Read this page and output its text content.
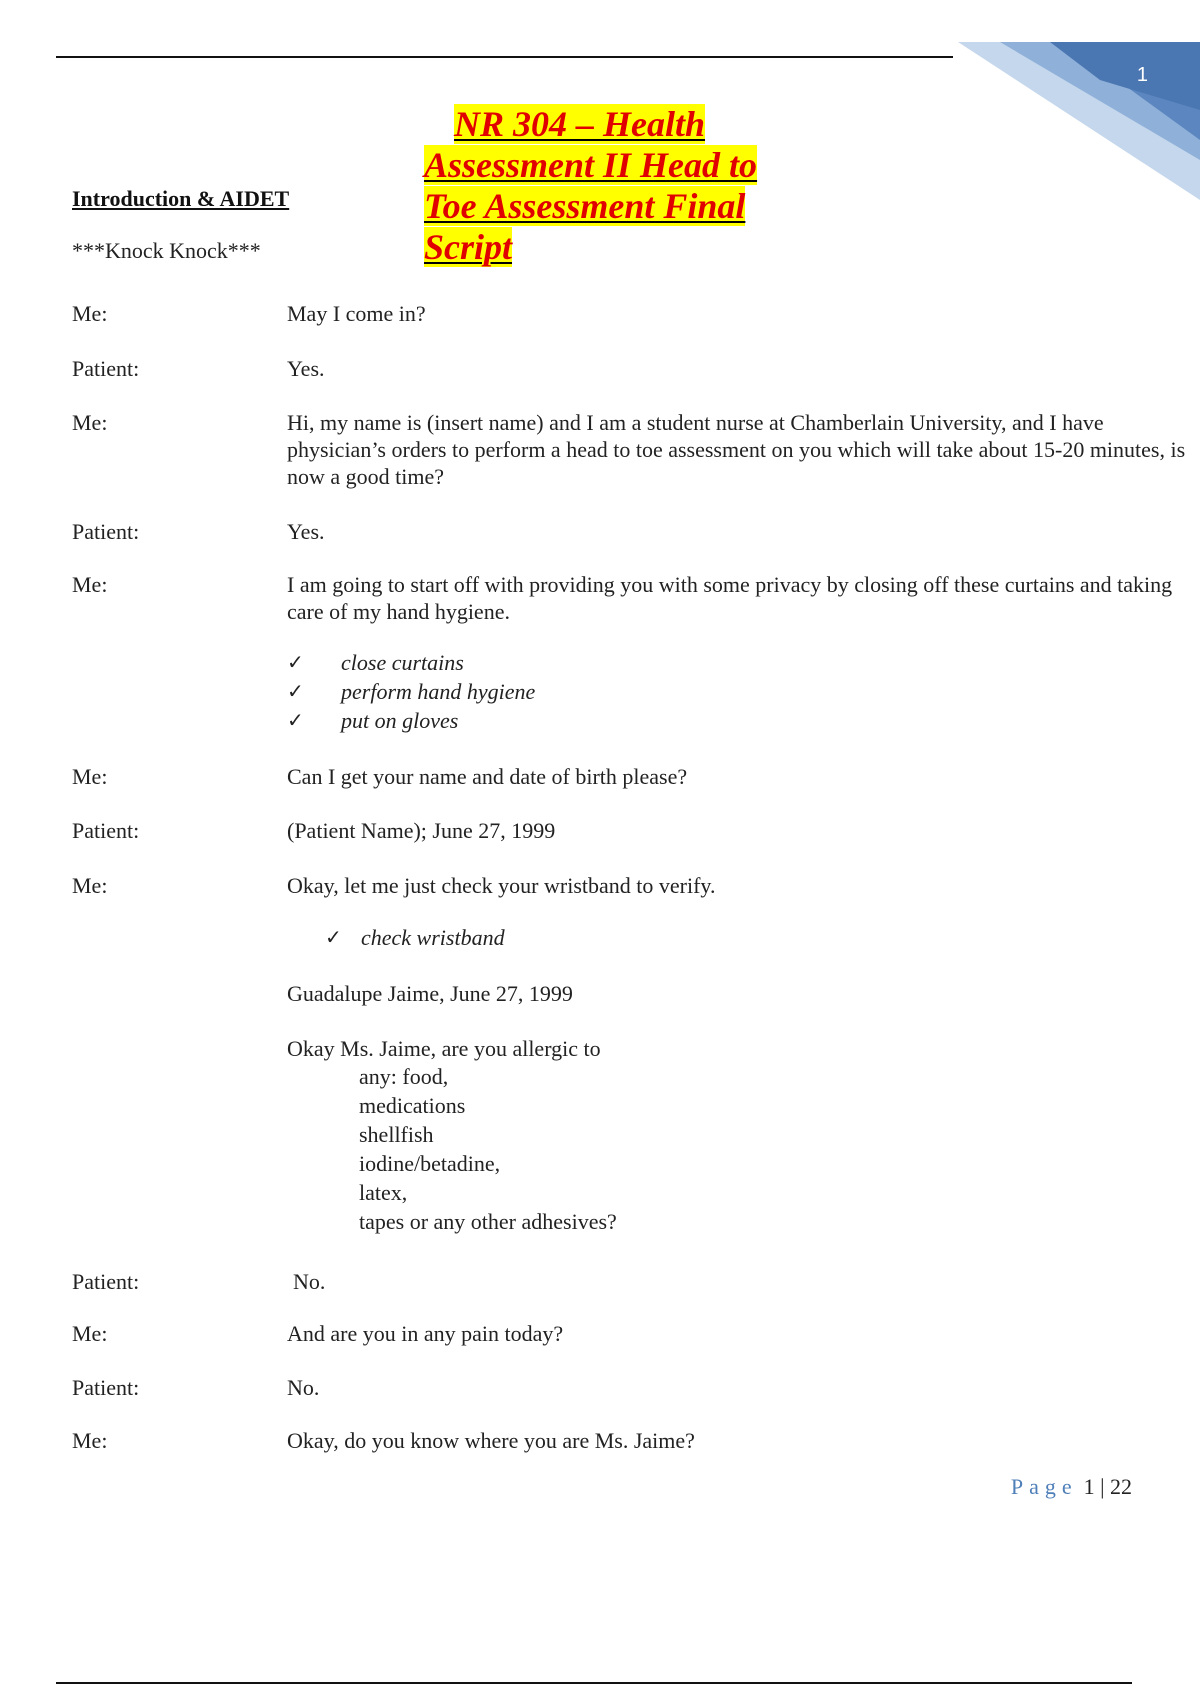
1
NR 304 – Health
Assessment II Head to
Toe Assessment Final
Script
Introduction & AIDET
***Knock Knock***
Me:	May I come in?
Patient:	Yes.
Me:	Hi, my name is (insert name) and I am a student nurse at Chamberlain University, and I have physician’s orders to perform a head to toe assessment on you which will take about 15-20 minutes, is now a good time?
Patient:	Yes.
Me:	I am going to start off with providing you with some privacy by closing off these curtains and taking care of my hand hygiene.
✓ close curtains
✓ perform hand hygiene
✓ put on gloves
Me:	Can I get your name and date of birth please?
Patient:	(Patient Name); June 27, 1999
Me:	Okay, let me just check your wristband to verify.
✓ check wristband
Guadalupe Jaime, June 27, 1999
Okay Ms. Jaime, are you allergic to
any: food,
medications
shellfish
iodine/betadine,
latex,
tapes or any other adhesives?
Patient:	No.
Me:	And are you in any pain today?
Patient:	No.
Me:	Okay, do you know where you are Ms. Jaime?
Page 1 | 22
